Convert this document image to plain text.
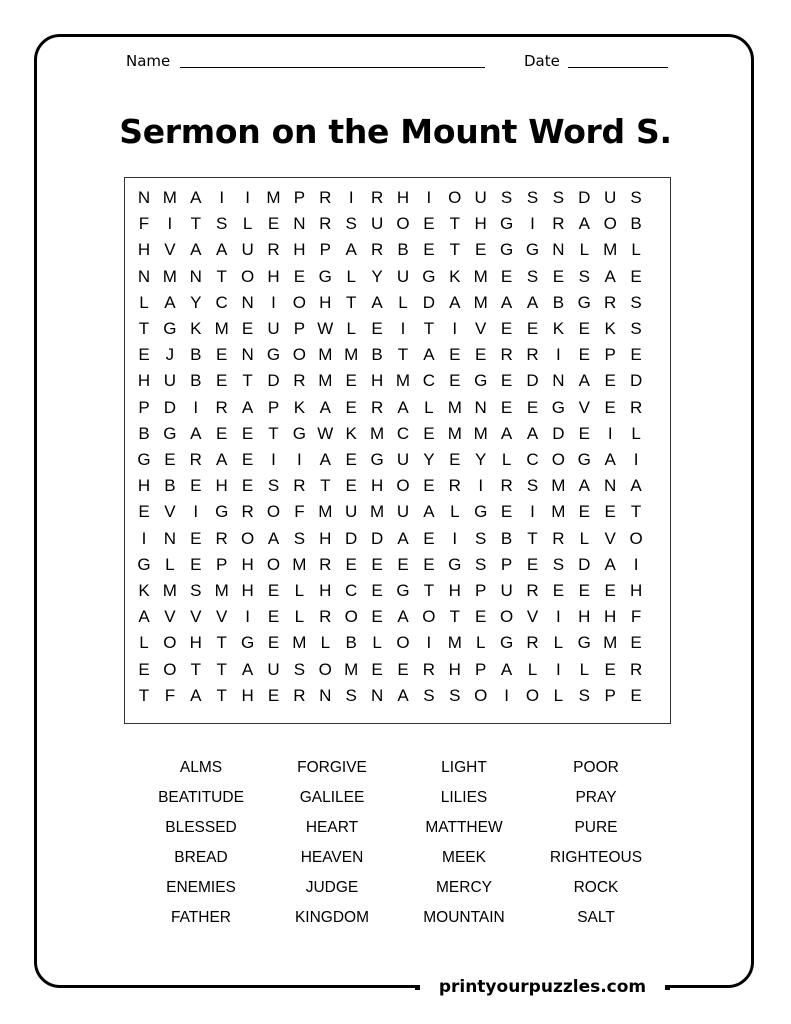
Name	Date
Sermon on the Mount Word S.
N M A	I	I M P R	I	R H	I O U S S S D U S
F	I	T S L E N R S U O E T H G I	R A O B
H V A A U R H P A R B E T E G G N L M L
N M N T O H E G L Y U G K M E S E S A E
L A Y C N	I O H T A L D A M A A B G R S
T G K M E U P W L E	I	T	I	V E E K E K S
E J B E N G O M M B T A E E R R	I	E P E
H U B E T D R M E H M C E G E D N A E D
P D	I	R A P K A E R A L M N E E G V E R
B G A E E T G W K M C E M M A A D E	I	L
G E R A E	I	I	A E G U Y E Y L C O G A	I
H B E H E S R T E H O E R	I	R S M A N A
E V	I G R O F M U M U A L G E	I M E E T
I	N E R O A S H D D A E	I	S B T R L V O
G L E P H O M R E E E E G S P E S D A	I
K M S M H E L H C E G T H P U R E E E H
A V V V	I	E L R O E A O T E O V	I	H H F
L O H T G E M L B L O I M L G R L G M E
E O T T A U S O M E E R H P A L	I	L E R
T F A T H E R N S N A S S O I O L S P E
ALMS
BEATITUDE
BLESSED
BREAD
ENEMIES
FATHER
FORGIVE
GALILEE
HEART
HEAVEN
JUDGE
KINGDOM
LIGHT
LILIES
MATTHEW
MEEK
MERCY
MOUNTAIN
POOR
PRAY
PURE
RIGHTEOUS
ROCK
SALT
printyourpuzzles.com
